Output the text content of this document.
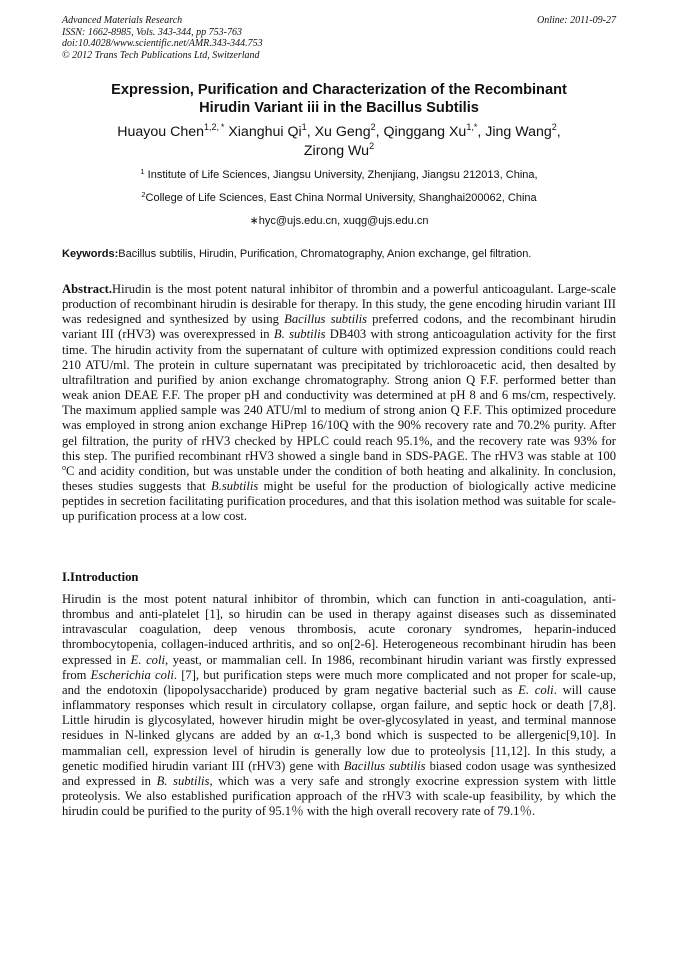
Advanced Materials Research
ISSN: 1662-8985, Vols. 343-344, pp 753-763
doi:10.4028/www.scientific.net/AMR.343-344.753
© 2012 Trans Tech Publications Ltd, Switzerland
Online: 2011-09-27
Expression, Purification and Characterization of the Recombinant
Hirudin Variant iii in the Bacillus Subtilis
Huayou Chen$^{1,2, *}$ Xianghui Qi$^1$, Xu Geng$^2$, Qinggang $Xu^{1,*}$, Jing Wang$^2$,
Zirong Wu$^2$
$^1$ Institute of Life Sciences, Jiangsu University, Zhenjiang, Jiangsu 212013, China,
$^2$College of Life Sciences, East China Normal University, Shanghai200062, China
∗hyc@ujs.edu.cn, xuqg@ujs.edu.cn
Keywords:Bacillus subtilis, Hirudin, Purification, Chromatography, Anion exchange, gel filtration.
Abstract.Hirudin is the most potent natural inhibitor of thrombin and a powerful anticoagulant. Large-scale production of recombinant hirudin is desirable for therapy. In this study, the gene encoding hirudin variant III was redesigned and synthesized by using Bacillus subtilis preferred codons, and the recombinant hirudin variant III (rHV3) was overexpressed in B. subtilis DB403 with strong anticoagulation activity for the first time. The hirudin activity from the supernatant of culture with optimized expression conditions could reach 210 ATU/ml. The protein in culture supernatant was precipitated by trichloroacetic acid, then desalted by ultrafiltration and purified by anion exchange chromatography. Strong anion Q F.F. performed better than weak anion DEAE F.F. The proper pH and conductivity was determined at pH 8 and 6 ms/cm, respectively. The maximum applied sample was 240 ATU/ml to medium of strong anion Q F.F. This optimized procedure was employed in strong anion exchange HiPrep 16/10Q with the 90% recovery rate and 70.2% purity. After gel filtration, the purity of rHV3 checked by HPLC could reach 95.1%, and the recovery rate was 93% for this step. The purified recombinant rHV3 showed a single band in SDS-PAGE. The rHV3 was stable at 100 $^o$C and acidity condition, but was unstable under the condition of both heating and alkalinity. In conclusion, theses studies suggests that B.subtilis might be useful for the production of biologically active medicine peptides in secretion facilitating purification procedures, and that this isolation method was suitable for scale-up purification process at a low cost.
I.Introduction
Hirudin is the most potent natural inhibitor of thrombin, which can function in anti-coagulation, anti-thrombus and anti-platelet [1], so hirudin can be used in therapy against diseases such as disseminated intravascular coagulation, deep venous thrombosis, acute coronary syndromes, heparin-induced thrombocytopenia, collagen-induced arthritis, and so on[2-6]. Heterogeneous recombinant hirudin has been expressed in E. coli, yeast, or mammalian cell. In 1986, recombinant hirudin variant was firstly expressed from Escherichia coli. [7], but purification steps were much more complicated and not proper for scale-up, and the endotoxin (lipopolysaccharide) produced by gram negative bacterial such as E. coli. will cause inflammatory responses which result in circulatory collapse, organ failure, and septic hock or death [7,8]. Little hirudin is glycosylated, however hirudin might be over-glycosylated in yeast, and terminal mannose residues in N-linked glycans are added by an α-1,3 bond which is suspected to be allergenic[9,10]. In mammalian cell, expression level of hirudin is generally low due to proteolysis [11,12]. In this study, a genetic modified hirudin variant III (rHV3) gene with Bacillus subtilis biased codon usage was synthesized and expressed in B. subtilis, which was a very safe and strongly exocrine expression system with little proteolysis. We also established purification approach of the rHV3 with scale-up feasibility, by which the hirudin could be purified to the purity of 95.1％ with the high overall recovery rate of 79.1％.
